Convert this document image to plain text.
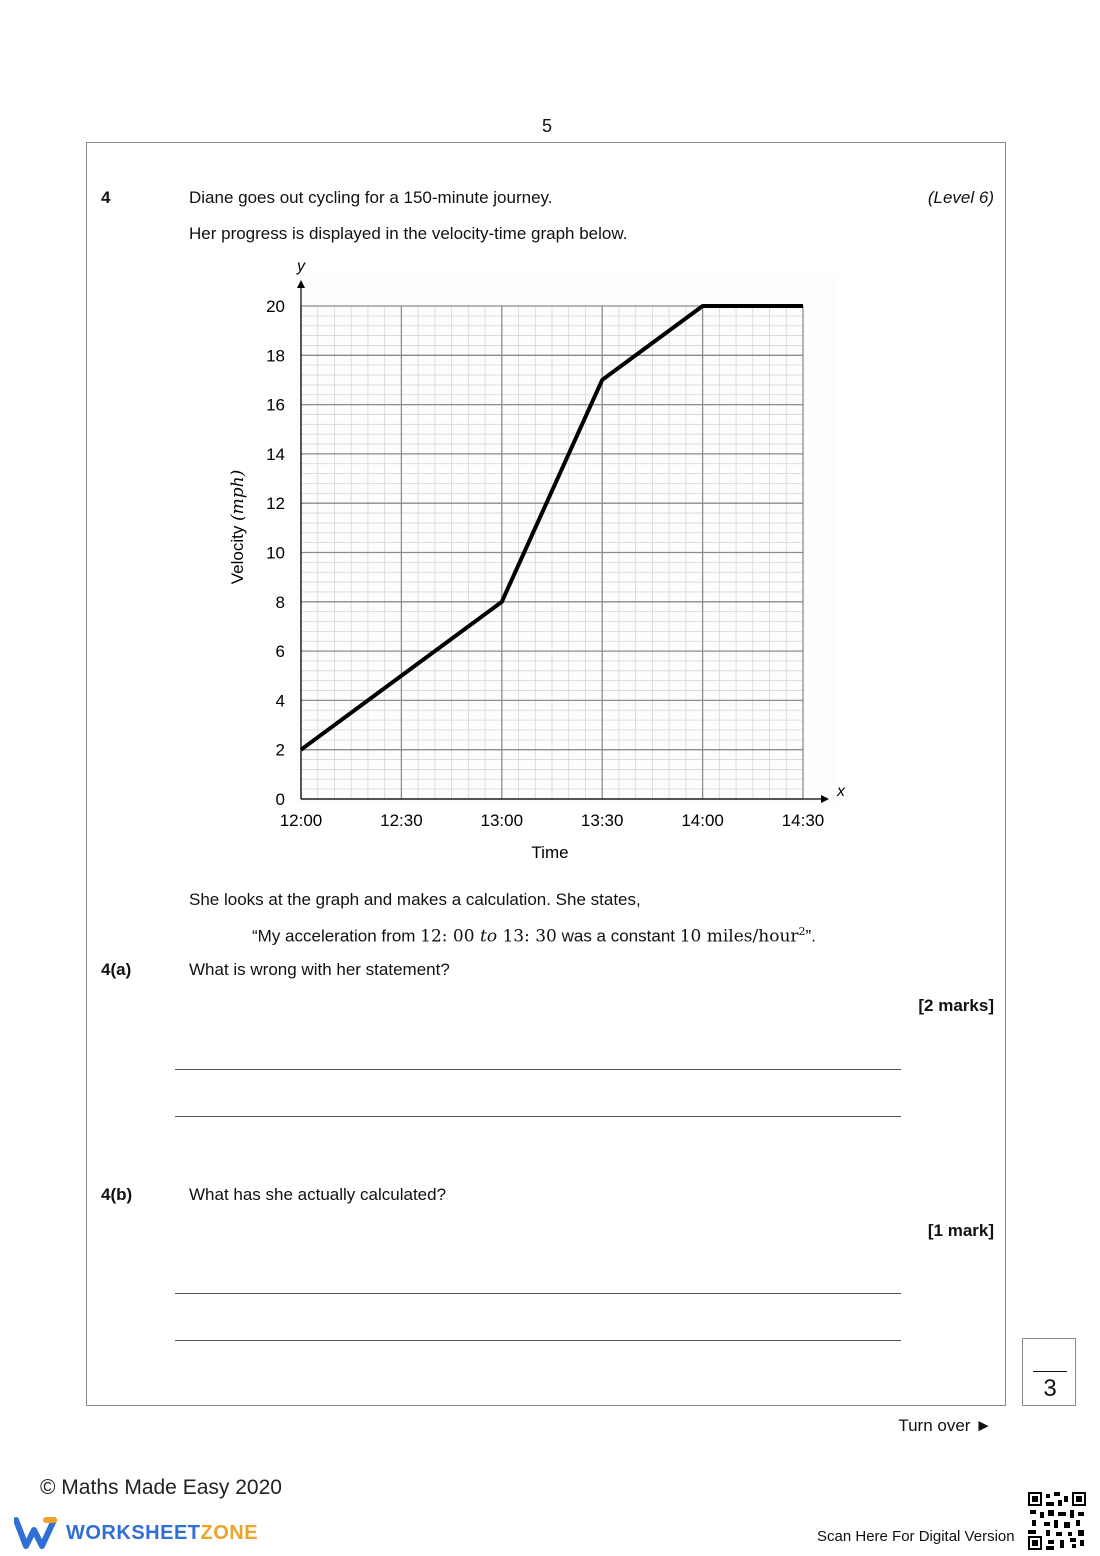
5
4	Diane goes out cycling for a 150-minute journey.	(Level 6)
Her progress is displayed in the velocity-time graph below.
12:00	12:30	13:00	13:30	14:00	14:30
0
2
4
6
8
10
12
14
16
18
20
Time
Velocity (mph)
x
y
She looks at the graph and makes a calculation. She states,
“My acceleration from 12: 00 to 13: 30 was a constant 10 miles/hour$^2$”.
4(a)	What is wrong with her statement?
[2 marks]
4(b)	What has she actually calculated?
[1 mark]
3
Turn over ►
© Maths Made Easy 2020
WORKSHEETZONE	Scan Here For Digital Version
